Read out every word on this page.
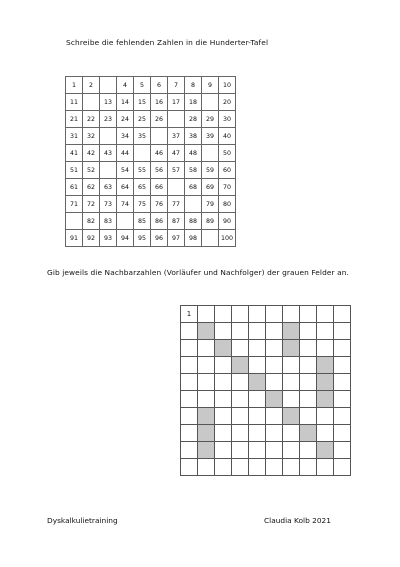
Schreibe die fehlenden Zahlen in die Hunderter-Tafel
1	2		4	5	6	7	8	9	10
11		13	14	15	16	17	18		20
21	22	23	24	25	26		28	29	30
31	32		34	35		37	38	39	40
41	42	43	44		46	47	48		50
51	52		54	55	56	57	58	59	60
61	62	63	64	65	66		68	69	70
71	72	73	74	75	76	77		79	80
	82	83		85	86	87	88	89	90
91	92	93	94	95	96	97	98		100
Gib jeweils die Nachbarzahlen (Vorläufer und Nachfolger) der grauen Felder an.
1									

Dyskalkulietraining	Claudia Kolb 2021
